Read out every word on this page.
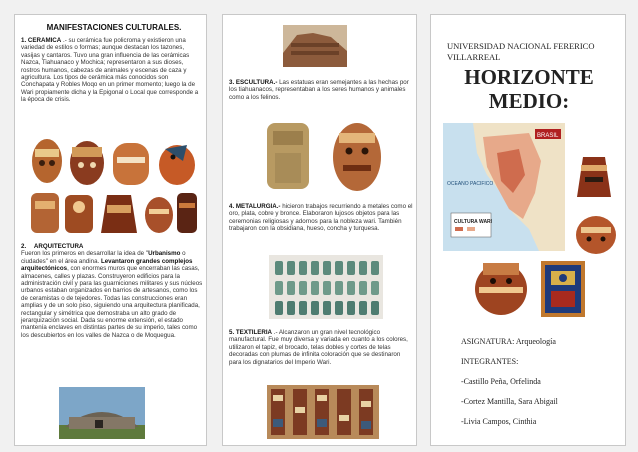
MANIFESTACIONES CULTURALES.
1. CERAMICA .- su cerámica fue policroma y existieron una variedad de estilos o formas; aunque destacan los tazones, vasijas y cantaros. Tuvo una gran influencia de las cerámicas Nazca, Tiahuanaco y Mochica; representaron a sus dioses, rostros humanos, cabezas de animales y escenas de caza y agricultura. Los tipos de cerámica más conocidos son Conchapata y Robles Moqo en un primer momento; luego la de Wari propiamente dicha y la Epigonal o Local que corresponde a la época de crisis.
2. ARQUITECTURA
Fueron los primeros en desarrollar la idea de "Urbanismo o ciudades" en el área andina. Levantaron grandes complejos arquitectónicos, con enormes muros que encerraban las casas, almacenes, calles y plazas. Construyeron edificios para la administración civil y para las guarniciones militares y sus núcleos urbanos estaban organizados en barrios de artesanos, como los de ceramistas o de tejedores. Todas las construcciones eran amplias y de un solo piso, siguiendo una arquitectura planificada, rectangular y simétrica que demostraba un alto grado de jerarquización social. Dada su enorme extensión, el estado mantenía enclaves en distintas partes de su imperio, tales como los descubiertos en los valles de Nazca o de Moquegua.
3. ESCULTURA.- Las estatuas eran semejantes a las hechas por los tiahuanacos, representaban a los seres humanos y animales como a los felinos.
4. METALURGIA.- hicieron trabajos recurriendo a metales como el oro, plata, cobre y bronce. Elaboraron lujosos objetos para las ceremonias religiosas y adornos para la nobleza wari. También trabajaron con la obsidiana, hueso, concha y turquesa.
5. TEXTILERIA .- Alcanzaron un gran nivel tecnológico manufactural. Fue muy diversa y variada en cuanto a los colores, utilizaron el tapiz, el brocado, telas dobles y cortes de telas decoradas con plumas de infinita coloración que se destinaron para los dignatarios del Imperio Wari.
UNIVERSIDAD NACIONAL FERERICO VILLARREAL
HORIZONTE
MEDIO:
BRASIL
OCEANO PACIFICO
CULTURA WARI
ASIGNATURA: Arqueología
INTEGRANTES:
-Castillo Peña, Orfelinda
-Cortez Mantilla, Sara Abigail
-Livia Campos, Cinthia
